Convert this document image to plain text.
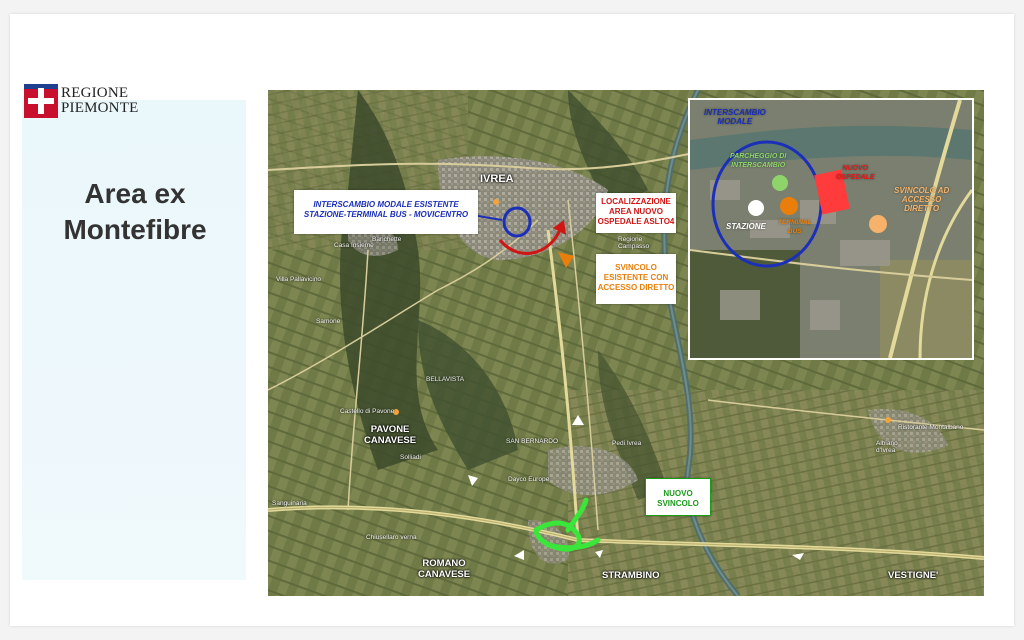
REGIONE
PIEMONTE
Area ex
Montefibre
IVREA
INTERSCAMBIO MODALE ESISTENTE
STAZIONE-TERMINAL BUS - MOVICENTRO
LOCALIZZAZIONE
AREA NUOVO
OSPEDALE ASLTO4
SVINCOLO
ESISTENTE CON
ACCESSO DIRETTO
NUOVO
SVINCOLO
PAVONE
CANAVESE
ROMANO
CANAVESE	STRAMBINO	VESTIGNE'
Banchette
Villa Pallavicino
Samone
BELLAVISTA
Castello di Pavone
Solliadi
SAN BERNARDO
Dayco Europe
Sanguinaria
Chiusellaro verna
Albiano
d'Ivrea
Regione
Campasso
Casa Insieme
Ristorante Montalbano
Pedi Ivrea
INTERSCAMBIO
MODALE
PARCHEGGIO DI
INTERSCAMBIO	NUOVO
OSPEDALE
SVINCOLO AD
ACCESSO
DIRETTO
STAZIONE TERMINAL
BUS
